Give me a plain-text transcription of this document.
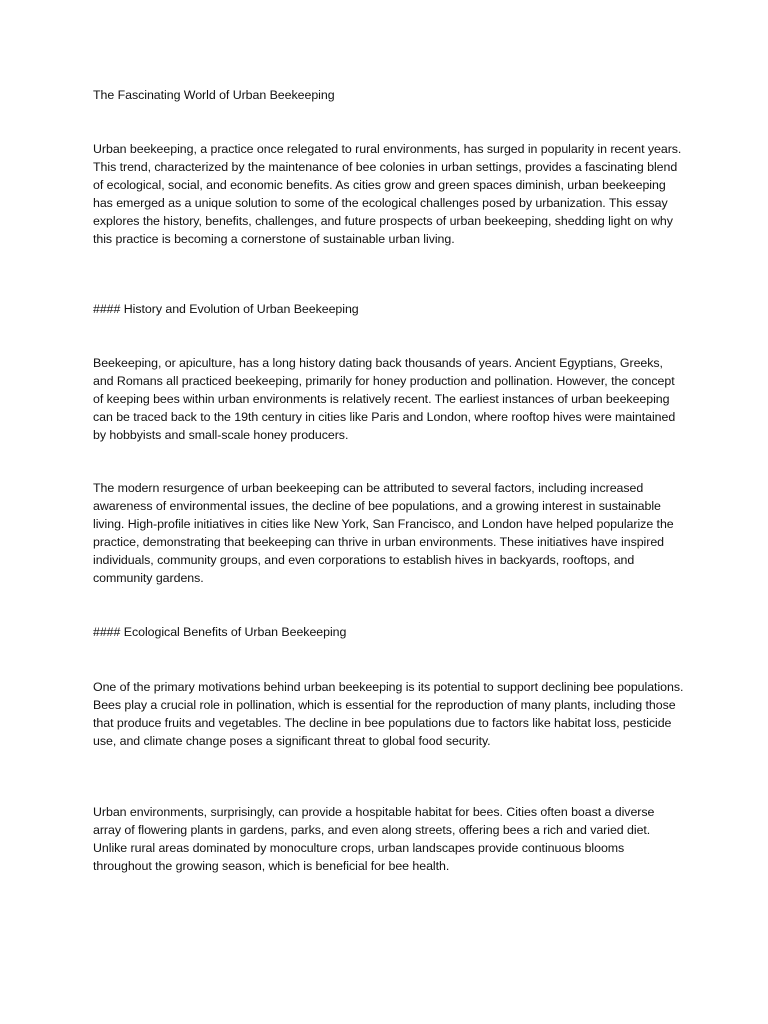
The Fascinating World of Urban Beekeeping

Urban beekeeping, a practice once relegated to rural environments, has surged in popularity in recent years. This trend, characterized by the maintenance of bee colonies in urban settings, provides a fascinating blend of ecological, social, and economic benefits. As cities grow and green spaces diminish, urban beekeeping has emerged as a unique solution to some of the ecological challenges posed by urbanization. This essay explores the history, benefits, challenges, and future prospects of urban beekeeping, shedding light on why this practice is becoming a cornerstone of sustainable urban living.

#### History and Evolution of Urban Beekeeping

Beekeeping, or apiculture, has a long history dating back thousands of years. Ancient Egyptians, Greeks, and Romans all practiced beekeeping, primarily for honey production and pollination. However, the concept of keeping bees within urban environments is relatively recent. The earliest instances of urban beekeeping can be traced back to the 19th century in cities like Paris and London, where rooftop hives were maintained by hobbyists and small-scale honey producers.

The modern resurgence of urban beekeeping can be attributed to several factors, including increased awareness of environmental issues, the decline of bee populations, and a growing interest in sustainable living. High-profile initiatives in cities like New York, San Francisco, and London have helped popularize the practice, demonstrating that beekeeping can thrive in urban environments. These initiatives have inspired individuals, community groups, and even corporations to establish hives in backyards, rooftops, and community gardens.

#### Ecological Benefits of Urban Beekeeping

One of the primary motivations behind urban beekeeping is its potential to support declining bee populations. Bees play a crucial role in pollination, which is essential for the reproduction of many plants, including those that produce fruits and vegetables. The decline in bee populations due to factors like habitat loss, pesticide use, and climate change poses a significant threat to global food security.

Urban environments, surprisingly, can provide a hospitable habitat for bees. Cities often boast a diverse array of flowering plants in gardens, parks, and even along streets, offering bees a rich and varied diet. Unlike rural areas dominated by monoculture crops, urban landscapes provide continuous blooms throughout the growing season, which is beneficial for bee health.
